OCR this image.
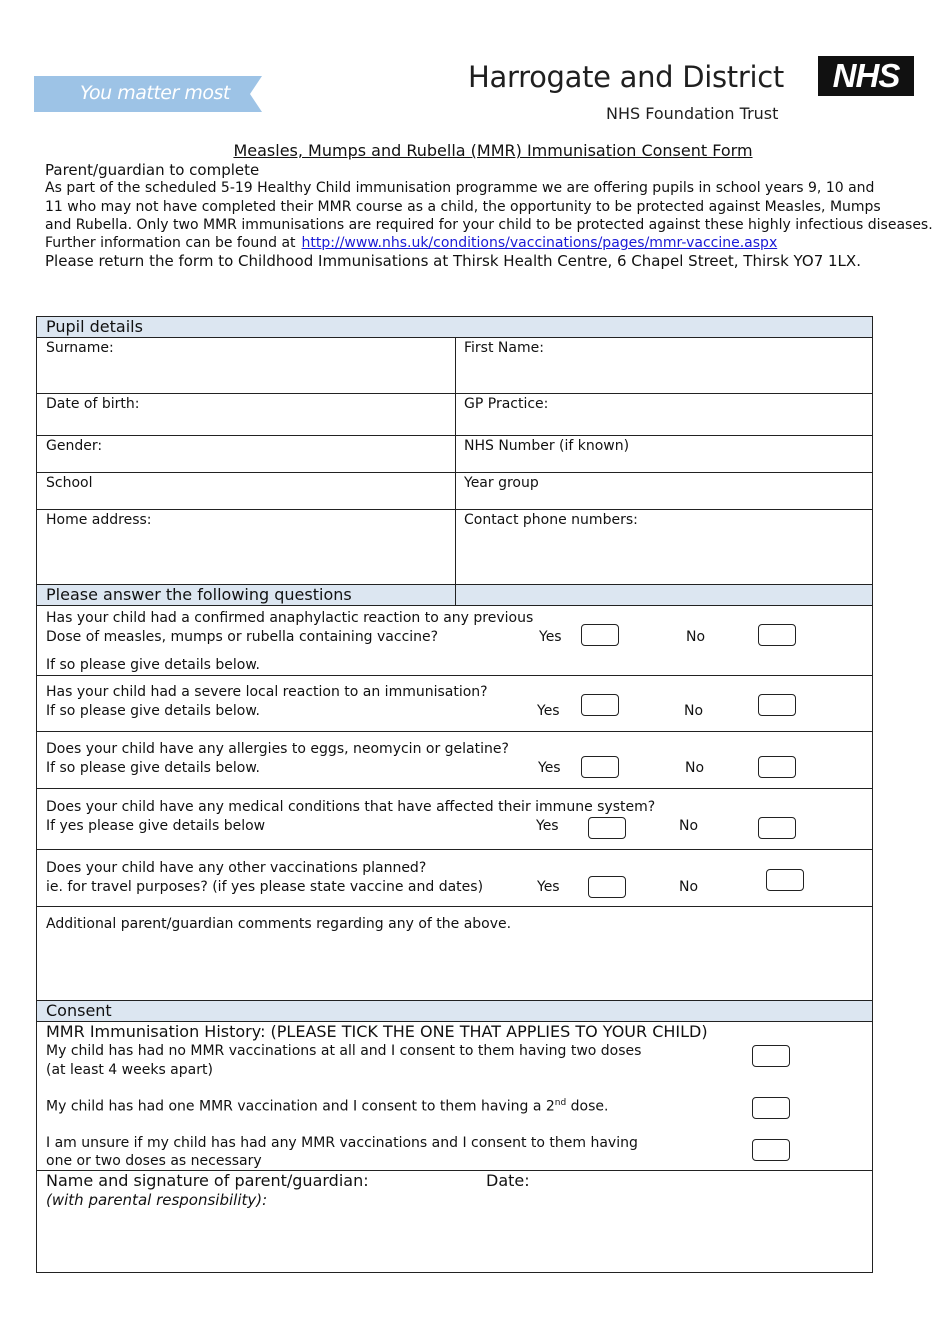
You matter most	Harrogate and District
NHS Foundation Trust
NHS
Measles, Mumps and Rubella (MMR) Immunisation Consent Form
Parent/guardian to complete
As part of the scheduled 5-19 Healthy Child immunisation programme we are offering pupils in school years 9, 10 and
11 who may not have completed their MMR course as a child, the opportunity to be protected against Measles, Mumps
and Rubella. Only two MMR immunisations are required for your child to be protected against these highly infectious diseases.
Further information can be found at http://www.nhs.uk/conditions/vaccinations/pages/mmr-vaccine.aspx
Please return the form to Childhood Immunisations at Thirsk Health Centre, 6 Chapel Street, Thirsk YO7 1LX.
Pupil details
Surname:	First Name:
Date of birth:	GP Practice:
Gender:	NHS Number (if known)
School	Year group
Home address:	Contact phone numbers:
Please answer the following questions
Has your child had a confirmed anaphylactic reaction to any previous
Dose of measles, mumps or rubella containing vaccine?
If so please give details below.
Yes	No
Has your child had a severe local reaction to an immunisation?
If so please give details below.	Yes	No
Does your child have any allergies to eggs, neomycin or gelatine?
If so please give details below.	Yes	No
Does your child have any medical conditions that have affected their immune system?
If yes please give details below	Yes	No
Does your child have any other vaccinations planned?
ie. for travel purposes? (if yes please state vaccine and dates)	Yes	No
Additional parent/guardian comments regarding any of the above.
Consent
MMR Immunisation History: (PLEASE TICK THE ONE THAT APPLIES TO YOUR CHILD)
My child has had no MMR vaccinations at all and I consent to them having two doses
(at least 4 weeks apart)
My child has had one MMR vaccination and I consent to them having a 2nd dose.
I am unsure if my child has had any MMR vaccinations and I consent to them having
one or two doses as necessary
Name and signature of parent/guardian:	Date:
(with parental responsibility):
